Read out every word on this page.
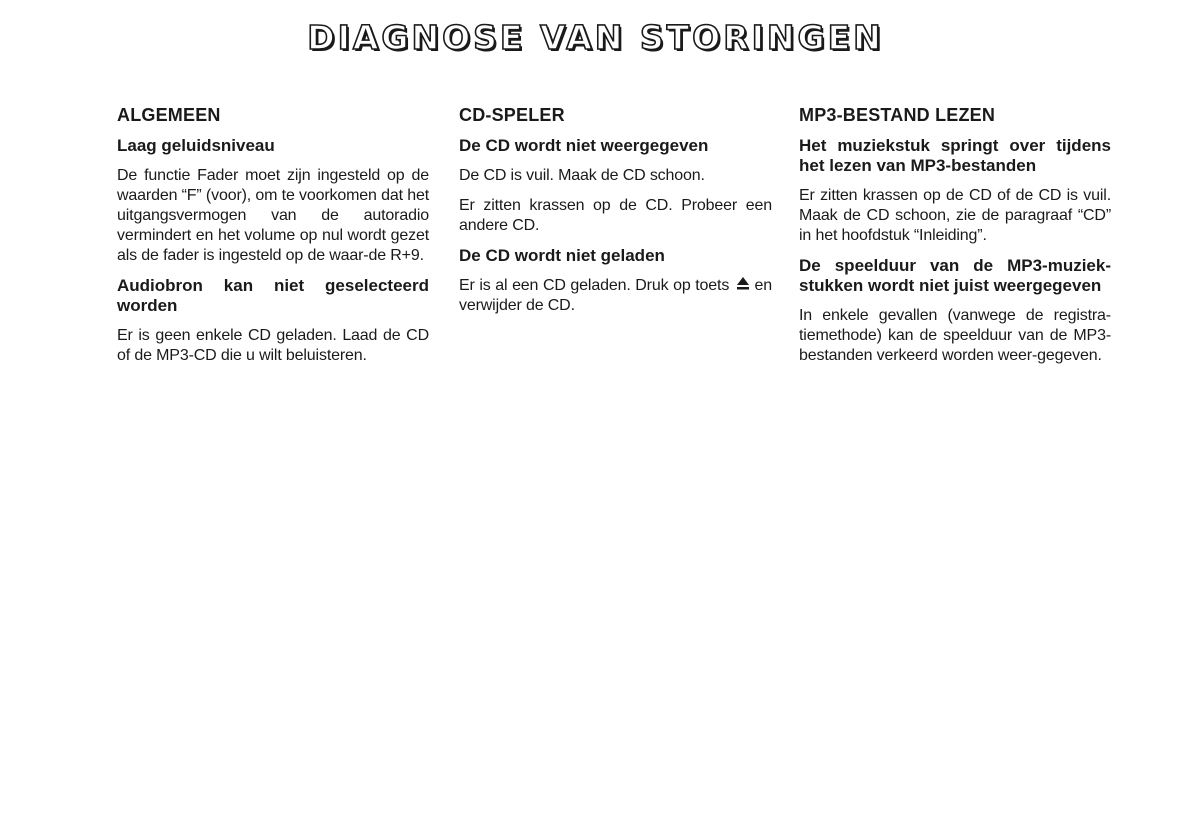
DIAGNOSE VAN STORINGEN
ALGEMEEN
Laag geluidsniveau

De functie Fader moet zijn ingesteld op de waarden “F” (voor), om te voorkomen dat het uitgangsvermogen van de autoradio vermindert en het volume op nul wordt gezet als de fader is ingesteld op de waar-de R+9.

Audiobron kan niet geselecteerd worden

Er is geen enkele CD geladen. Laad de CD of de MP3-CD die u wilt beluisteren.

CD-SPELER
De CD wordt niet weergegeven

De CD is vuil. Maak de CD schoon.

Er zitten krassen op de CD. Probeer een andere CD.

De CD wordt niet geladen

Er is al een CD geladen. Druk op toets en verwijder de CD.

MP3-BESTAND LEZEN
Het muziekstuk springt over tijdens het lezen van MP3-bestanden

Er zitten krassen op de CD of de CD is vuil. Maak de CD schoon, zie de paragraaf “CD” in het hoofdstuk “Inleiding”.

De speelduur van de MP3-muziek-stukken wordt niet juist weergegeven

In enkele gevallen (vanwege de registra-tiemethode) kan de speelduur van de MP3-bestanden verkeerd worden weer-gegeven.
